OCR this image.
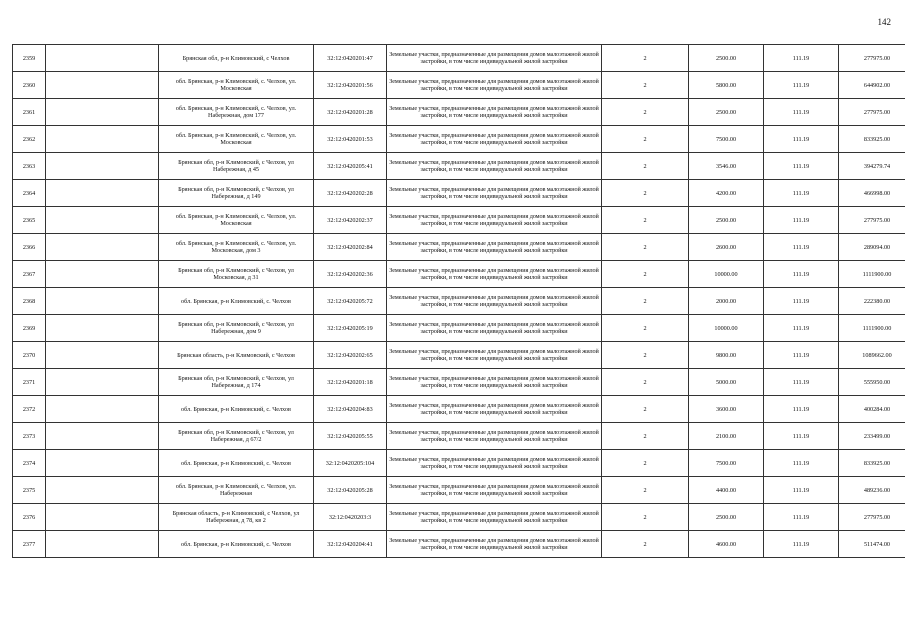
142
2359		Брянская обл, р-н Климовский, с Челхов	32:12:0420201:47	Земельные участки, предназначенные для размещения домов малоэтажной жилой застройки, в том числе индивидуальной жилой застройки	2	2500.00	111.19	277975.00
2360		обл. Брянская, р-н Климовский, с. Челхов, ул. Московская	32:12:0420201:56	Земельные участки, предназначенные для размещения домов малоэтажной жилой застройки, в том числе индивидуальной жилой застройки	2	5800.00	111.19	644902.00
2361		обл. Брянская, р-н Климовский, с. Челхов, ул. Набережная, дом 177	32:12:0420201:28	Земельные участки, предназначенные для размещения домов малоэтажной жилой застройки, в том числе индивидуальной жилой застройки	2	2500.00	111.19	277975.00
2362		обл. Брянская, р-н Климовский, с. Челхов, ул. Московская	32:12:0420201:53	Земельные участки, предназначенные для размещения домов малоэтажной жилой застройки, в том числе индивидуальной жилой застройки	2	7500.00	111.19	833925.00
2363		Брянская обл, р-н Климовский, с Челхов, ул Набережная, д 45	32:12:0420205:41	Земельные участки, предназначенные для размещения домов малоэтажной жилой застройки, в том числе индивидуальной жилой застройки	2	3546.00	111.19	394279.74
2364		Брянская обл, р-н Климовский, с Челхов, ул Набережная, д 149	32:12:0420202:28	Земельные участки, предназначенные для размещения домов малоэтажной жилой застройки, в том числе индивидуальной жилой застройки	2	4200.00	111.19	466998.00
2365		обл. Брянская, р-н Климовский, с. Челхов, ул. Московская	32:12:0420202:37	Земельные участки, предназначенные для размещения домов малоэтажной жилой застройки, в том числе индивидуальной жилой застройки	2	2500.00	111.19	277975.00
2366		обл. Брянская, р-н Климовский, с. Челхов, ул. Московская, дом 3	32:12:0420202:84	Земельные участки, предназначенные для размещения домов малоэтажной жилой застройки, в том числе индивидуальной жилой застройки	2	2600.00	111.19	289094.00
2367		Брянская обл, р-н Климовский, с Челхов, ул Московская, д 31	32:12:0420202:36	Земельные участки, предназначенные для размещения домов малоэтажной жилой застройки, в том числе индивидуальной жилой застройки	2	10000.00	111.19	1111900.00
2368		обл. Брянская, р-н Климовский, с. Челхов	32:12:0420205:72	Земельные участки, предназначенные для размещения домов малоэтажной жилой застройки, в том числе индивидуальной жилой застройки	2	2000.00	111.19	222380.00
2369		Брянская обл, р-н Климовский, с Челхов, ул Набережная, дом 9	32:12:0420205:19	Земельные участки, предназначенные для размещения домов малоэтажной жилой застройки, в том числе индивидуальной жилой застройки	2	10000.00	111.19	1111900.00
2370		Брянская область, р-н Климовский, с Челхов	32:12:0420202:65	Земельные участки, предназначенные для размещения домов малоэтажной жилой застройки, в том числе индивидуальной жилой застройки	2	9800.00	111.19	1089662.00
2371		Брянская обл, р-н Климовский, с Челхов, ул Набережная, д 174	32:12:0420201:18	Земельные участки, предназначенные для размещения домов малоэтажной жилой застройки, в том числе индивидуальной жилой застройки	2	5000.00	111.19	555950.00
2372		обл. Брянская, р-н Климовский, с. Челхов	32:12:0420204:83	Земельные участки, предназначенные для размещения домов малоэтажной жилой застройки, в том числе индивидуальной жилой застройки	2	3600.00	111.19	400284.00
2373		Брянская обл, р-н Климовский, с Челхов, ул Набережная, д 67/2	32:12:0420205:55	Земельные участки, предназначенные для размещения домов малоэтажной жилой застройки, в том числе индивидуальной жилой застройки	2	2100.00	111.19	233499.00
2374		обл. Брянская, р-н Климовский, с. Челхов	32:12:0420205:104	Земельные участки, предназначенные для размещения домов малоэтажной жилой застройки, в том числе индивидуальной жилой застройки	2	7500.00	111.19	833925.00
2375		обл. Брянская, р-н Климовский, с. Челхов, ул. Набережная	32:12:0420205:28	Земельные участки, предназначенные для размещения домов малоэтажной жилой застройки, в том числе индивидуальной жилой застройки	2	4400.00	111.19	489236.00
2376		Брянская область, р-н Климовский, с Челхов, ул Набережная, д 78, кв 2	32:12:0420203:3	Земельные участки, предназначенные для размещения домов малоэтажной жилой застройки, в том числе индивидуальной жилой застройки	2	2500.00	111.19	277975.00
2377		обл. Брянская, р-н Климовский, с. Челхов	32:12:0420204:41	Земельные участки, предназначенные для размещения домов малоэтажной жилой застройки, в том числе индивидуальной жилой застройки	2	4600.00	111.19	511474.00
